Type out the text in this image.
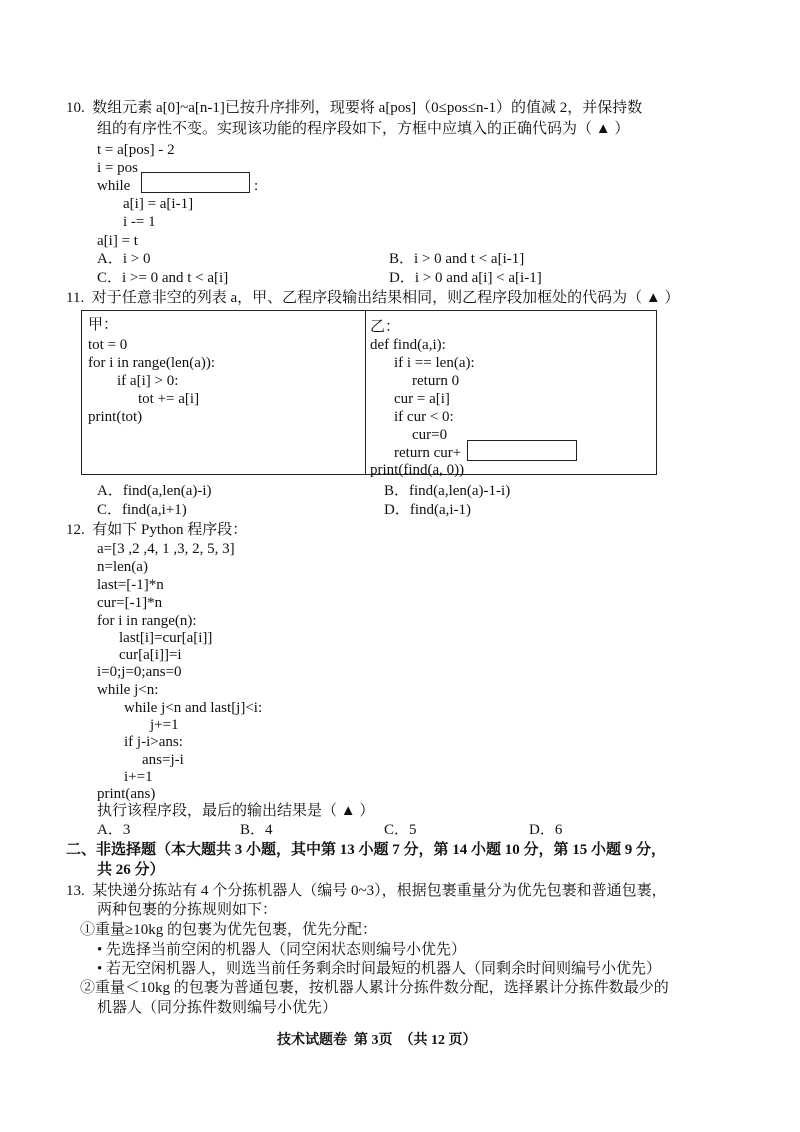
10.  数组元素 a[0]~a[n-1]已按升序排列，现要将 a[pos]（0≤pos≤n-1）的值减 2，并保持数
组的有序性不变。实现该功能的程序段如下，方框中应填入的正确代码为（ ▲ ）
t = a[pos] - 2
i = pos
while	:
a[i] = a[i-1]
i -= 1
a[i] = t
A．i > 0	B．i > 0 and t < a[i-1]
C．i >= 0 and t < a[i]	D．i > 0 and a[i] < a[i-1]
11.  对于任意非空的列表 a，甲、乙程序段输出结果相同，则乙程序段加框处的代码为（ ▲ ）
甲：
tot = 0
for i in range(len(a)):
if a[i] > 0:
tot += a[i]
print(tot)
乙：
def find(a,i):
if i == len(a):
return 0
cur = a[i]
if cur < 0:
cur=0
return cur+
print(find(a, 0))
A．find(a,len(a)-i)	B．find(a,len(a)-1-i)
C．find(a,i+1)	D．find(a,i-1)
12.  有如下 Python 程序段：
a=[3 ,2 ,4, 1 ,3, 2, 5, 3]
n=len(a)
last=[-1]*n
cur=[-1]*n
for i in range(n):
last[i]=cur[a[i]]
cur[a[i]]=i
i=0;j=0;ans=0
while j<n:
while j<n and last[j]<i:
j+=1
if j-i>ans:
ans=j-i
i+=1
print(ans)
执行该程序段，最后的输出结果是（ ▲ ）
A．3	B．4	C．5	D．6
二、非选择题（本大题共 3 小题，其中第 13 小题 7 分，第 14 小题 10 分，第 15 小题 9 分，
共 26 分）
13.  某快递分拣站有 4 个分拣机器人（编号 0~3），根据包裹重量分为优先包裹和普通包裹，
两种包裹的分拣规则如下：
①重量≥10kg 的包裹为优先包裹，优先分配：
• 先选择当前空闲的机器人（同空闲状态则编号小优先）
• 若无空闲机器人，则选当前任务剩余时间最短的机器人（同剩余时间则编号小优先）
②重量＜10kg 的包裹为普通包裹，按机器人累计分拣件数分配，选择累计分拣件数最少的
机器人（同分拣件数则编号小优先）
技术试题卷  第 3页  （共 12 页）
